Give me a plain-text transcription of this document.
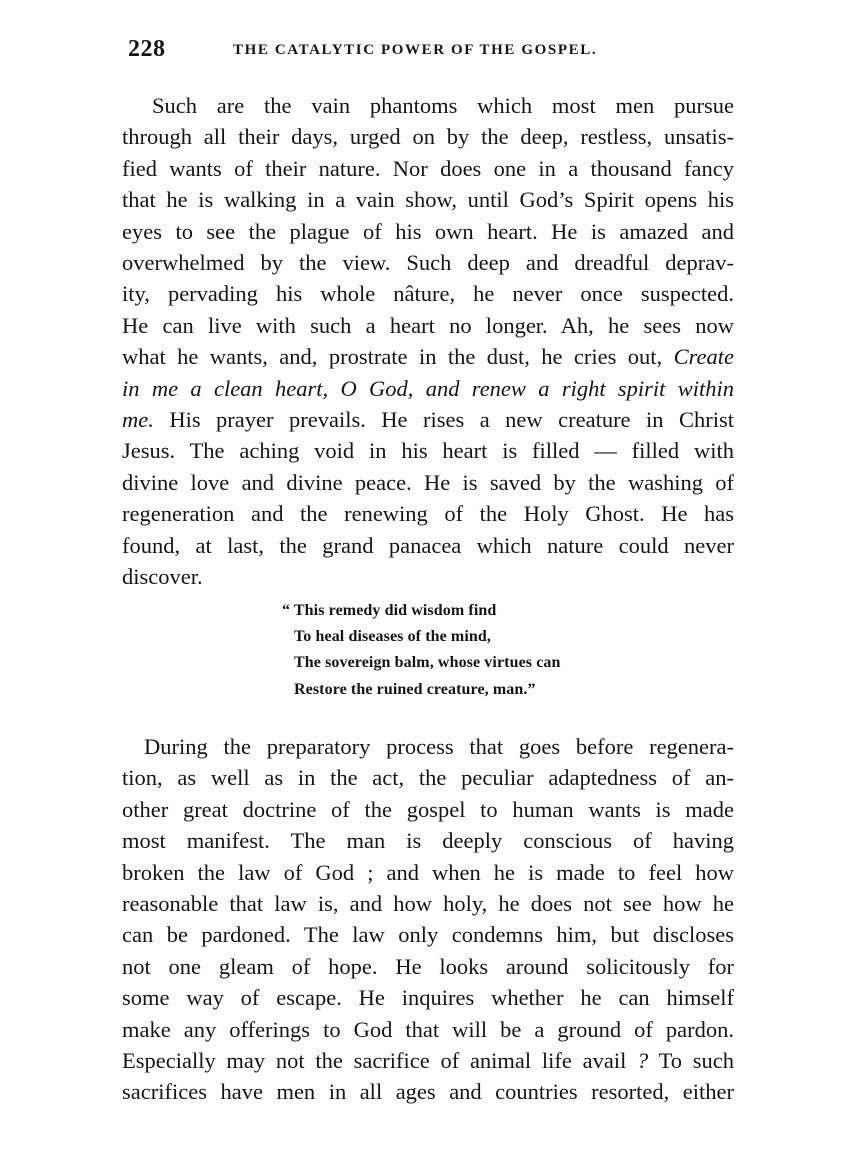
228	THE CATALYTIC POWER OF THE GOSPEL.
Such are the vain phantoms which most men pursue
through all their days, urged on by the deep, restless, unsatis-
fied wants of their nature. Nor does one in a thousand fancy
that he is walking in a vain show, until God’s Spirit opens his
eyes to see the plague of his own heart. He is amazed and
overwhelmed by the view. Such deep and dreadful deprav-
ity, pervading his whole nâture, he never once suspected.
He can live with such a heart no longer. Ah, he sees now
what he wants, and, prostrate in the dust, he cries out, Create
in me a clean heart, O God, and renew a right spirit within
me. His prayer prevails. He rises a new creature in Christ
Jesus. The aching void in his heart is filled — filled with
divine love and divine peace. He is saved by the washing of
regeneration and the renewing of the Holy Ghost. He has
found, at last, the grand panacea which nature could never
discover.
“ This remedy did wisdom find
To heal diseases of the mind,
The sovereign balm, whose virtues can
Restore the ruined creature, man.”
During the preparatory process that goes before regenera-
tion, as well as in the act, the peculiar adaptedness of an-
other great doctrine of the gospel to human wants is made
most manifest. The man is deeply conscious of having
broken the law of God ; and when he is made to feel how
reasonable that law is, and how holy, he does not see how he
can be pardoned. The law only condemns him, but discloses
not one gleam of hope. He looks around solicitously for
some way of escape. He inquires whether he can himself
make any offerings to God that will be a ground of pardon.
Especially may not the sacrifice of animal life avail ? To such
sacrifices have men in all ages and countries resorted, either
